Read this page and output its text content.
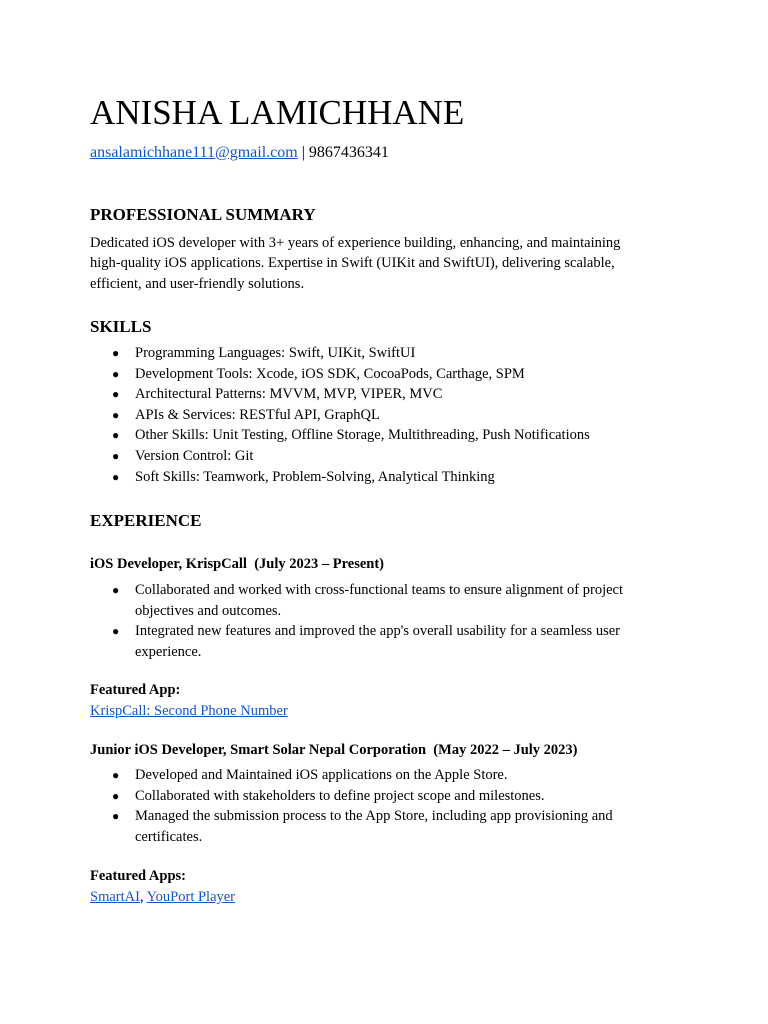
ANISHA LAMICHHANE
ansalamichhane111@gmail.com | 9867436341
PROFESSIONAL SUMMARY
Dedicated iOS developer with 3+ years of experience building, enhancing, and maintaining
high-quality iOS applications. Expertise in Swift (UIKit and SwiftUI), delivering scalable,
efficient, and user-friendly solutions.
SKILLS
● Programming Languages: Swift, UIKit, SwiftUI
● Development Tools: Xcode, iOS SDK, CocoaPods, Carthage, SPM
● Architectural Patterns: MVVM, MVP, VIPER, MVC
● APIs & Services: RESTful API, GraphQL
● Other Skills: Unit Testing, Offline Storage, Multithreading, Push Notifications
● Version Control: Git
● Soft Skills: Teamwork, Problem-Solving, Analytical Thinking
EXPERIENCE
iOS Developer, KrispCall  (July 2023 – Present)
● Collaborated and worked with cross-functional teams to ensure alignment of project
objectives and outcomes.
● Integrated new features and improved the app's overall usability for a seamless user
experience.
Featured App:
KrispCall: Second Phone Number
Junior iOS Developer, Smart Solar Nepal Corporation  (May 2022 – July 2023)
● Developed and Maintained iOS applications on the Apple Store.
● Collaborated with stakeholders to define project scope and milestones.
● Managed the submission process to the App Store, including app provisioning and
certificates.
Featured Apps:
SmartAI, YouPort Player
